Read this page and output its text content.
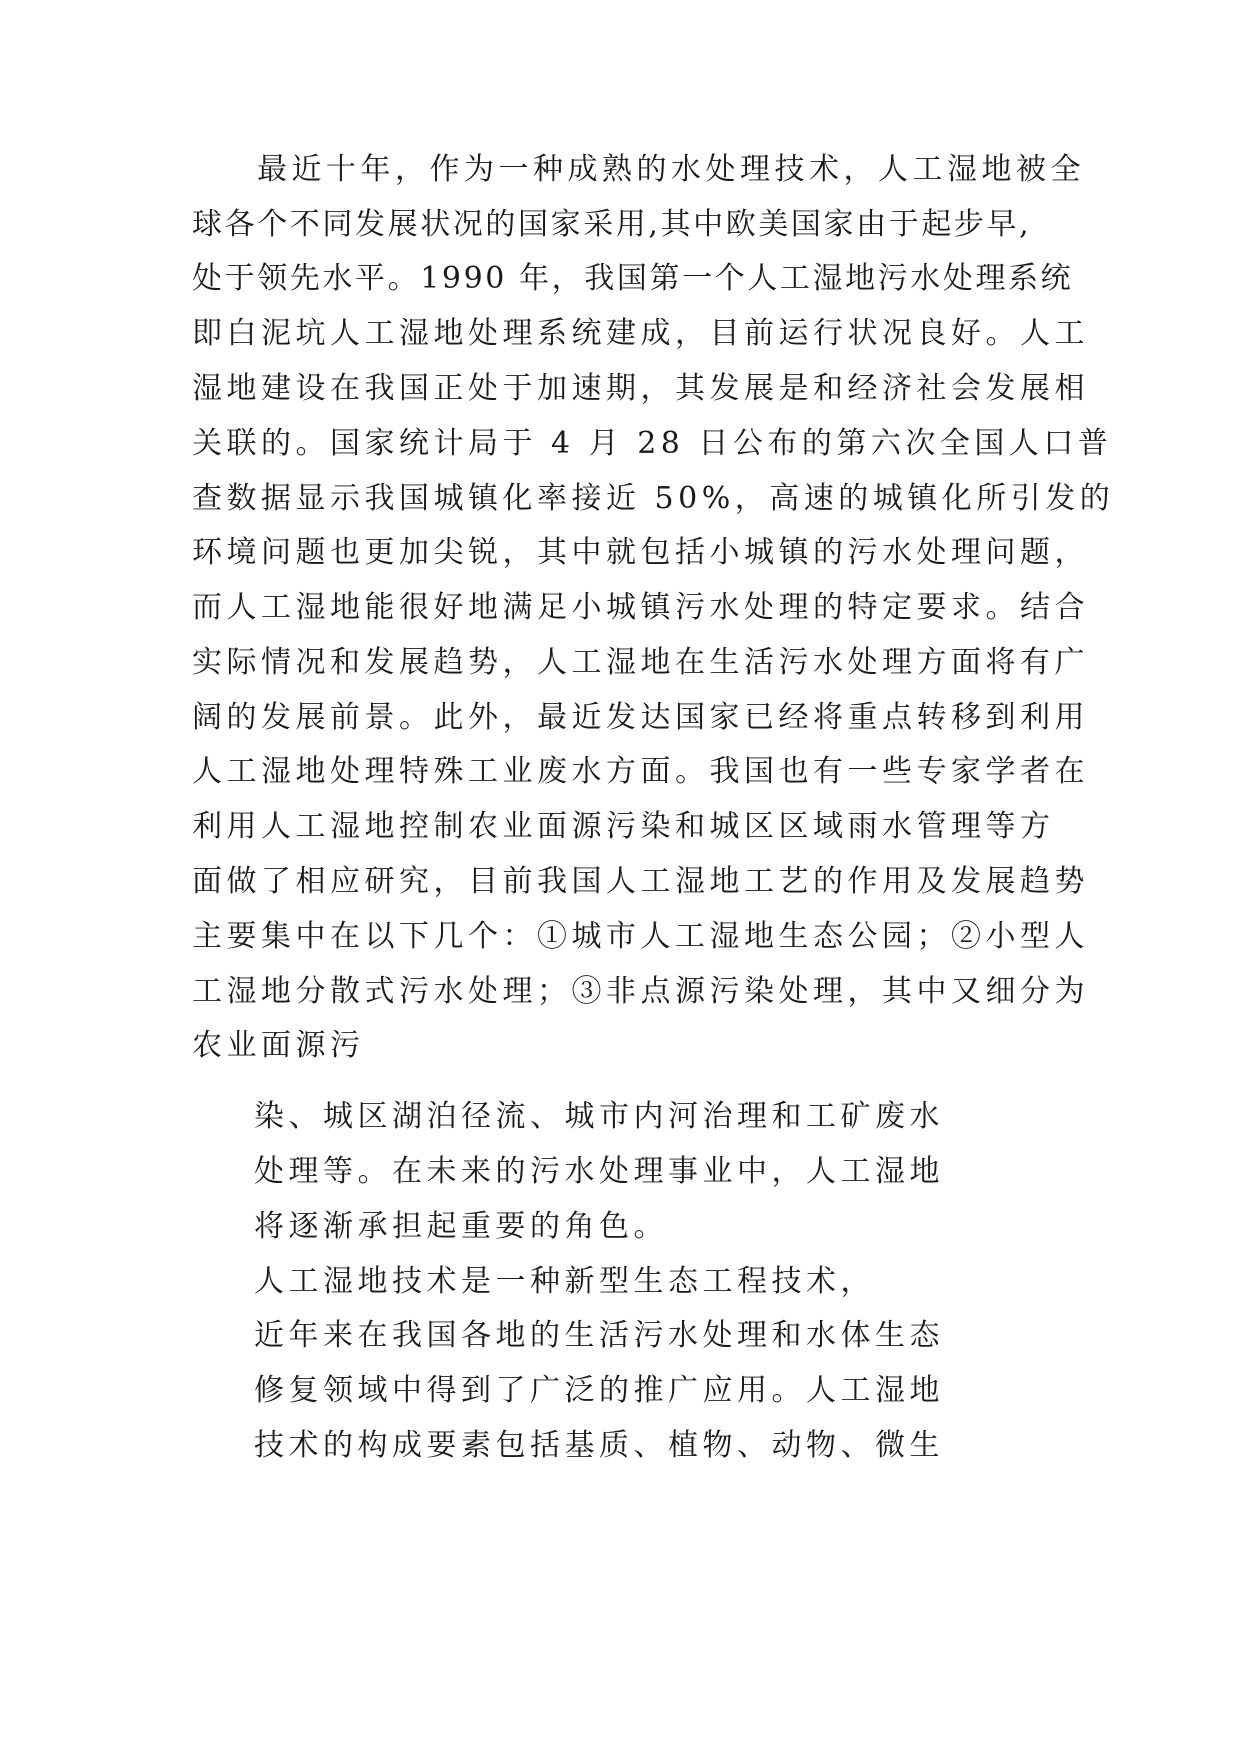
最近十年，作为一种成熟的水处理技术，人工湿地被全
球各个不同发展状况的国家采用,其中欧美国家由于起步早,
处于领先水平。1990 年，我国第一个人工湿地污水处理系统
即白泥坑人工湿地处理系统建成，目前运行状况良好。人工
湿地建设在我国正处于加速期，其发展是和经济社会发展相
关联的。国家统计局于 4 月 28 日公布的第六次全国人口普
查数据显示我国城镇化率接近 50%，高速的城镇化所引发的
环境问题也更加尖锐，其中就包括小城镇的污水处理问题，
而人工湿地能很好地满足小城镇污水处理的特定要求。结合
实际情况和发展趋势，人工湿地在生活污水处理方面将有广
阔的发展前景。此外，最近发达国家已经将重点转移到利用
人工湿地处理特殊工业废水方面。我国也有一些专家学者在
利用人工湿地控制农业面源污染和城区区域雨水管理等方
面做了相应研究，目前我国人工湿地工艺的作用及发展趋势
主要集中在以下几个：①城市人工湿地生态公园；②小型人
工湿地分散式污水处理；③非点源污染处理，其中又细分为
农业面源污
染、城区湖泊径流、城市内河治理和工矿废水
处理等。在未来的污水处理事业中，人工湿地
将逐渐承担起重要的角色。
人工湿地技术是一种新型生态工程技术，
近年来在我国各地的生活污水处理和水体生态
修复领域中得到了广泛的推广应用。人工湿地
技术的构成要素包括基质、植物、动物、微生
